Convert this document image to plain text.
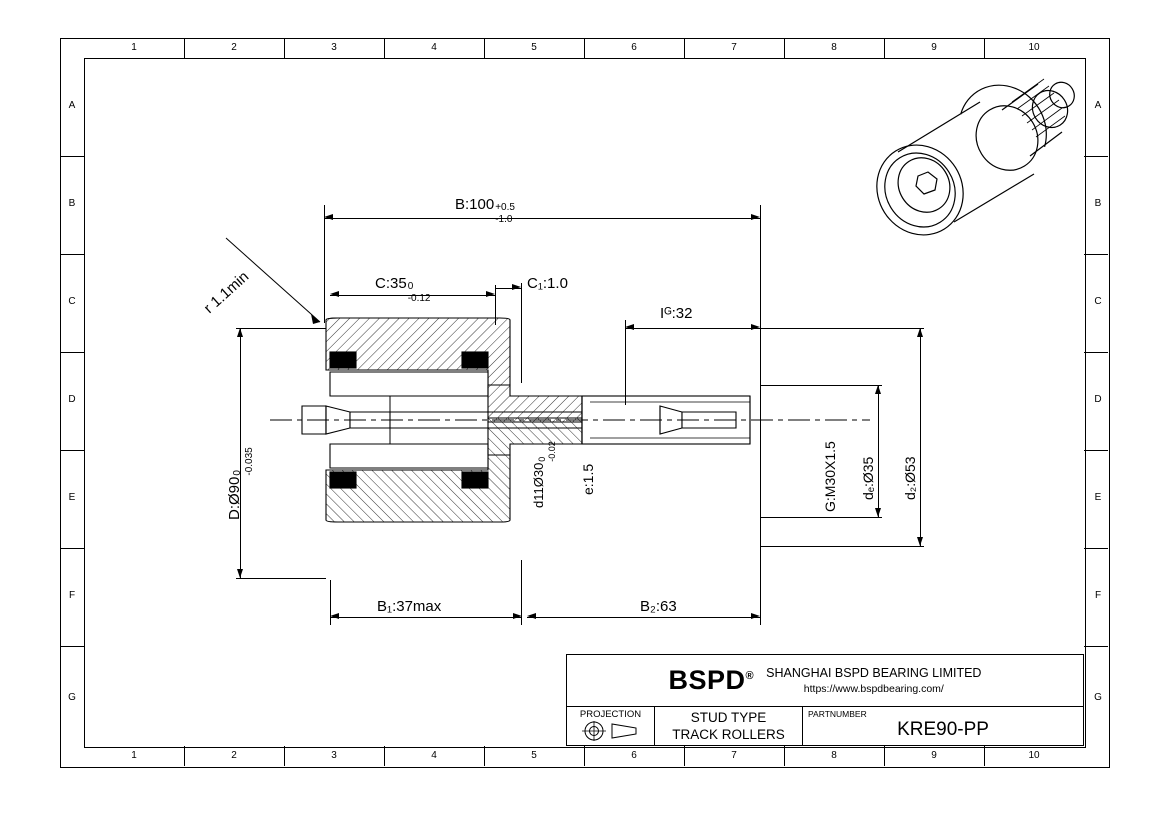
1	2	3	4	5	6	7	8	9	10
1	2	3	4	5	6	7	8	9	10
A
B
C
D
E
F
G
A
B
C
D
E
F
G
B:100 +0.5
-1.0
C:35 0
-0.12
C₁:1.0
r 1.1min	Iᴳ:32
D:Ø90
0 -0.035
d11Ø30
0 -0.02
e:1.5	G:M30X1.5 dₑ:Ø35 d₂:Ø53
B₁:37max	B₂:63
BSPD® SHANGHAI BSPD BEARING LIMITED
https://www.bspdbearing.com/
PROJECTION	STUD TYPE
TRACK ROLLERS
PARTNUMBER
KRE90-PP
